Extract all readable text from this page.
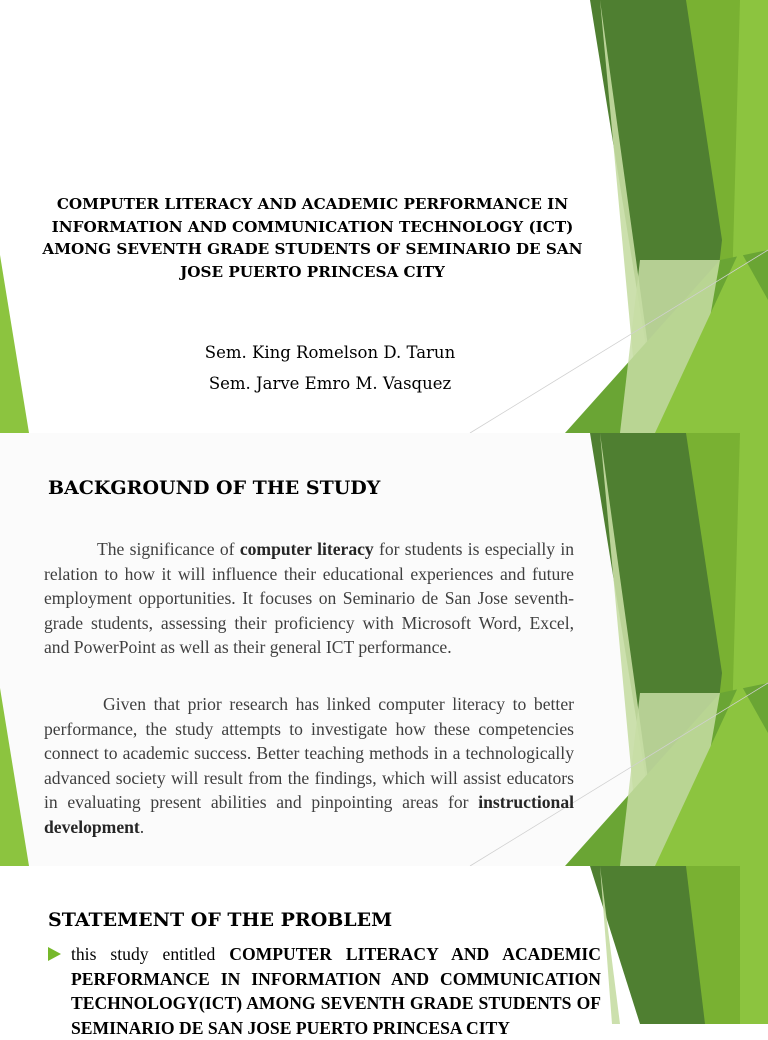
COMPUTER LITERACY AND ACADEMIC PERFORMANCE IN INFORMATION AND COMMUNICATION TECHNOLOGY (ICT) AMONG SEVENTH GRADE STUDENTS OF SEMINARIO DE SAN JOSE PUERTO PRINCESA CITY
Sem. King Romelson D. Tarun
Sem. Jarve Emro M. Vasquez
BACKGROUND OF THE STUDY
The significance of computer literacy for students is especially in relation to how it will influence their educational experiences and future employment opportunities. It focuses on Seminario de San Jose seventh-grade students, assessing their proficiency with Microsoft Word, Excel, and PowerPoint as well as their general ICT performance.
Given that prior research has linked computer literacy to better performance, the study attempts to investigate how these competencies connect to academic success. Better teaching methods in a technologically advanced society will result from the findings, which will assist educators in evaluating present abilities and pinpointing areas for instructional development.
STATEMENT OF THE PROBLEM
this study entitled COMPUTER LITERACY AND ACADEMIC PERFORMANCE IN INFORMATION AND COMMUNICATION TECHNOLOGY(ICT) AMONG SEVENTH GRADE STUDENTS OF SEMINARIO DE SAN JOSE PUERTO PRINCESA CITY
